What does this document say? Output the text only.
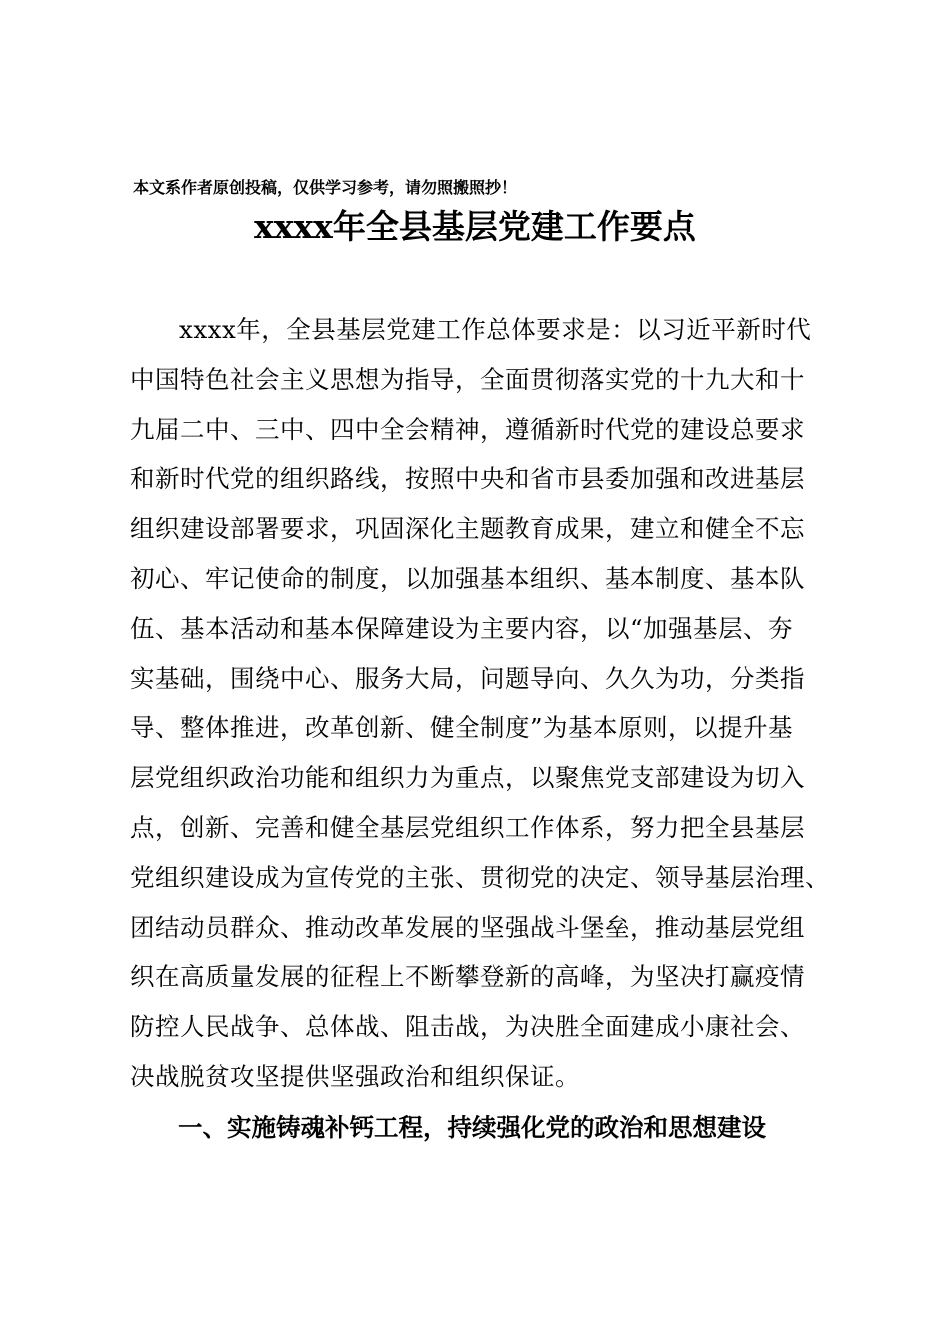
本文系作者原创投稿，仅供学习参考，请勿照搬照抄！
xxxx年全县基层党建工作要点
xxxx年，全县基层党建工作总体要求是：以习近平新时代
中国特色社会主义思想为指导，全面贯彻落实党的十九大和十
九届二中、三中、四中全会精神，遵循新时代党的建设总要求
和新时代党的组织路线，按照中央和省市县委加强和改进基层
组织建设部署要求，巩固深化主题教育成果，建立和健全不忘
初心、牢记使命的制度，以加强基本组织、基本制度、基本队
伍、基本活动和基本保障建设为主要内容，以“加强基层、夯
实基础，围绕中心、服务大局，问题导向、久久为功，分类指
导、整体推进，改革创新、健全制度”为基本原则，以提升基
层党组织政治功能和组织力为重点，以聚焦党支部建设为切入
点，创新、完善和健全基层党组织工作体系，努力把全县基层
党组织建设成为宣传党的主张、贯彻党的决定、领导基层治理、
团结动员群众、推动改革发展的坚强战斗堡垒，推动基层党组
织在高质量发展的征程上不断攀登新的高峰，为坚决打赢疫情
防控人民战争、总体战、阻击战，为决胜全面建成小康社会、
决战脱贫攻坚提供坚强政治和组织保证。
一、实施铸魂补钙工程，持续强化党的政治和思想建设
